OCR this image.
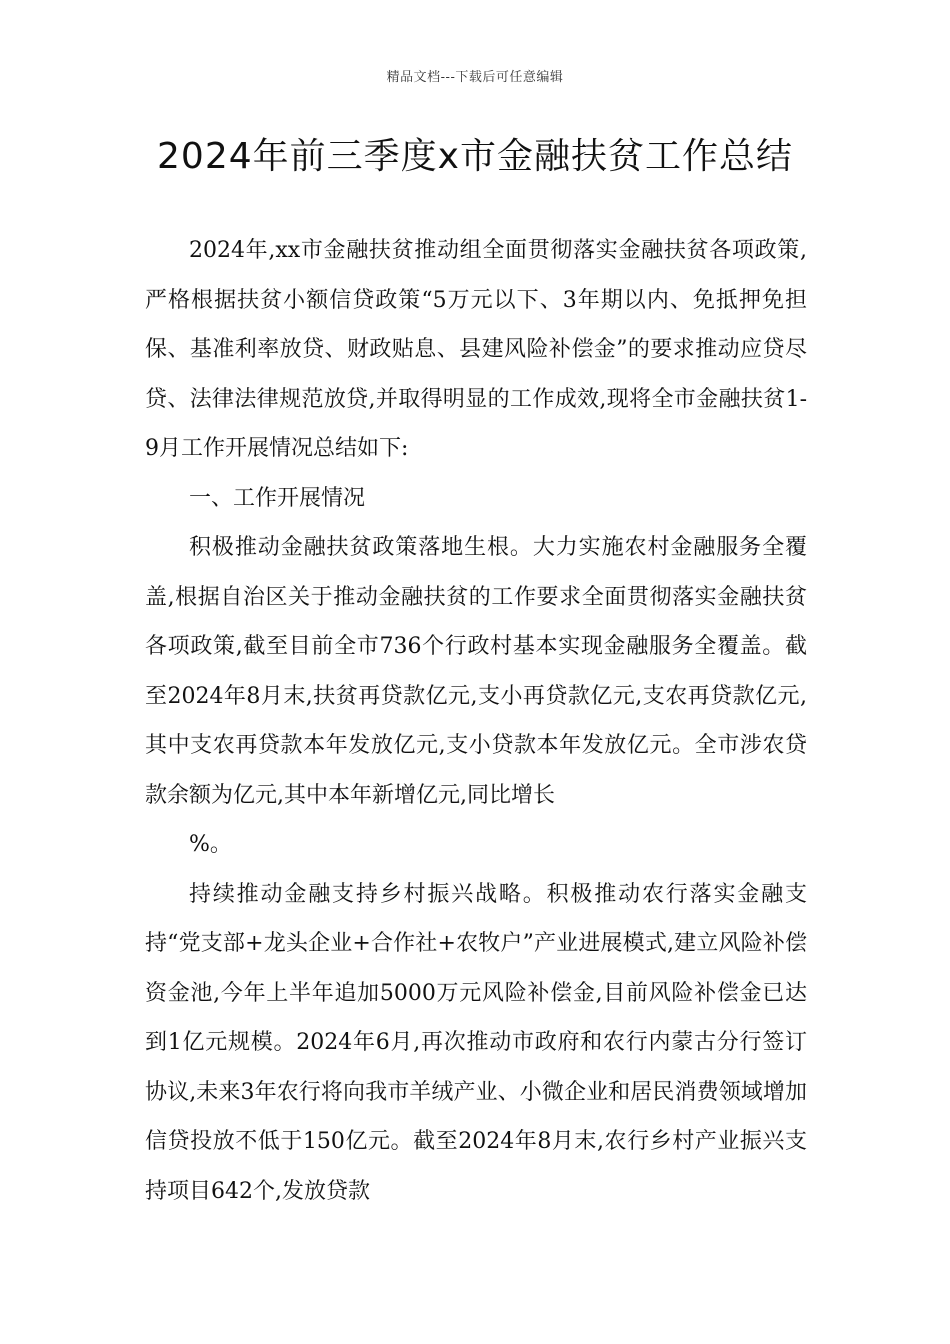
精品文档---下载后可任意编辑
2024年前三季度x市金融扶贫工作总结

2024年,xx市金融扶贫推动组全面贯彻落实金融扶贫各项政策,严格根据扶贫小额信贷政策“5万元以下、3年期以内、免抵押免担保、基准利率放贷、财政贴息、县建风险补偿金”的要求推动应贷尽贷、法律法律规范放贷,并取得明显的工作成效,现将全市金融扶贫1-9月工作开展情况总结如下:

一、工作开展情况

积极推动金融扶贫政策落地生根。大力实施农村金融服务全覆盖,根据自治区关于推动金融扶贫的工作要求全面贯彻落实金融扶贫各项政策,截至目前全市736个行政村基本实现金融服务全覆盖。截至2024年8月末,扶贫再贷款亿元,支小再贷款亿元,支农再贷款亿元,其中支农再贷款本年发放亿元,支小贷款本年发放亿元。全市涉农贷款余额为亿元,其中本年新增亿元,同比增长

%。

持续推动金融支持乡村振兴战略。积极推动农行落实金融支持“党支部+龙头企业+合作社+农牧户”产业进展模式,建立风险补偿资金池,今年上半年追加5000万元风险补偿金,目前风险补偿金已达到1亿元规模。2024年6月,再次推动市政府和农行内蒙古分行签订协议,未来3年农行将向我市羊绒产业、小微企业和居民消费领域增加信贷投放不低于150亿元。截至2024年8月末,农行乡村产业振兴支持项目642个,发放贷款
